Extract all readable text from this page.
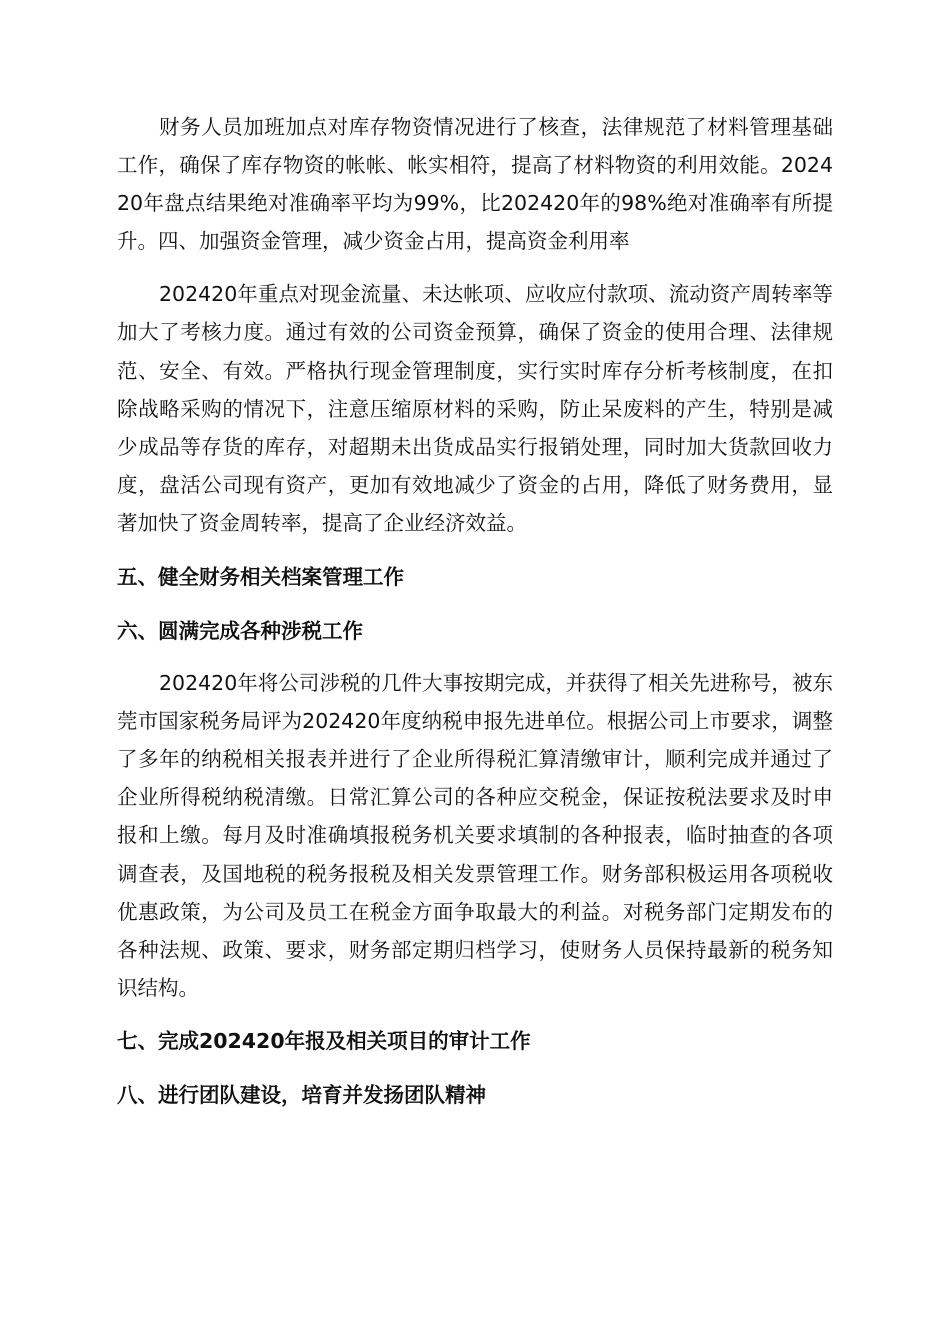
财务人员加班加点对库存物资情况进行了核查，法律规范了材料管理基础工作，确保了库存物资的帐帐、帐实相符，提高了材料物资的利用效能。202420年盘点结果绝对准确率平均为99%，比202420年的98%绝对准确率有所提升。四、加强资金管理，减少资金占用，提高资金利用率

202420年重点对现金流量、未达帐项、应收应付款项、流动资产周转率等加大了考核力度。通过有效的公司资金预算，确保了资金的使用合理、法律规范、安全、有效。严格执行现金管理制度，实行实时库存分析考核制度，在扣除战略采购的情况下，注意压缩原材料的采购，防止呆废料的产生，特别是减少成品等存货的库存，对超期未出货成品实行报销处理，同时加大货款回收力度，盘活公司现有资产，更加有效地减少了资金的占用，降低了财务费用，显著加快了资金周转率，提高了企业经济效益。

五、健全财务相关档案管理工作

六、圆满完成各种涉税工作

202420年将公司涉税的几件大事按期完成，并获得了相关先进称号，被东莞市国家税务局评为202420年度纳税申报先进单位。根据公司上市要求，调整了多年的纳税相关报表并进行了企业所得税汇算清缴审计，顺利完成并通过了企业所得税纳税清缴。日常汇算公司的各种应交税金，保证按税法要求及时申报和上缴。每月及时准确填报税务机关要求填制的各种报表，临时抽查的各项调查表，及国地税的税务报税及相关发票管理工作。财务部积极运用各项税收优惠政策，为公司及员工在税金方面争取最大的利益。对税务部门定期发布的各种法规、政策、要求，财务部定期归档学习，使财务人员保持最新的税务知识结构。

七、完成202420年报及相关项目的审计工作

八、进行团队建设，培育并发扬团队精神
